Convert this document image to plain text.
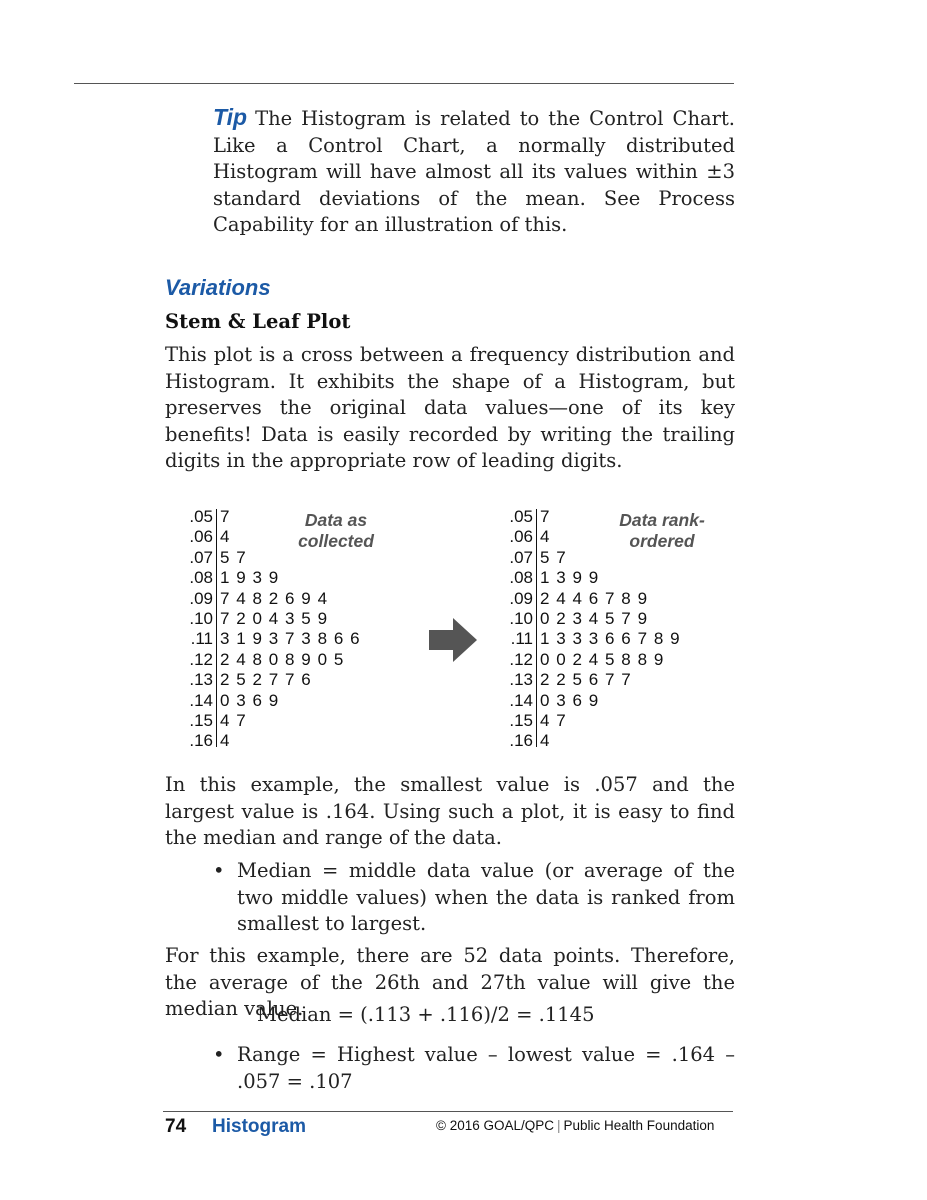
Tip The Histogram is related to the Control Chart. Like a Control Chart, a normally distributed Histogram will have almost all its values within ±3 standard deviations of the mean. See Process Capability for an illustration of this.
Variations
Stem & Leaf Plot
This plot is a cross between a frequency distribution and Histogram. It exhibits the shape of a Histogram, but preserves the original data values—one of its key benefits! Data is easily recorded by writing the trailing digits in the appropriate row of leading digits.
.05 7
.06 4
.07 5  7
.08 1  9  3  9
.09 7  4  8  2  6  9  4
.10 7  2  0  4  3  5  9
.11 3  1  9  3  7  3  8  6  6
.12 2  4  8  0  8  9  0  5
.13 2  5  2  7  7  6
.14 0  3  6  9
.15 4  7
.16 4
Data as
collected
.05 7
.06 4
.07 5  7
.08 1  3  9  9
.09 2  4  4  6  7  8  9
.10 0  2  3  4  5  7  9
.11 1  3  3  3  6  6  7  8  9
.12 0  0  2  4  5  8  8  9
.13 2  2  5  6  7  7
.14 0  3  6  9
.15 4  7
.16 4
Data rank-
ordered
In this example, the smallest value is .057 and the largest value is .164. Using such a plot, it is easy to find the median and range of the data.
• Median = middle data value (or average of the two middle values) when the data is ranked from smallest to largest.
For this example, there are 52 data points. Therefore, the average of the 26th and 27th value will give the median value.
Median = (.113 + .116)/2 = .1145
• Range = Highest value – lowest value = .164 – .057 = .107
74 Histogram	© 2016 GOAL/QPC | Public Health Foundation
